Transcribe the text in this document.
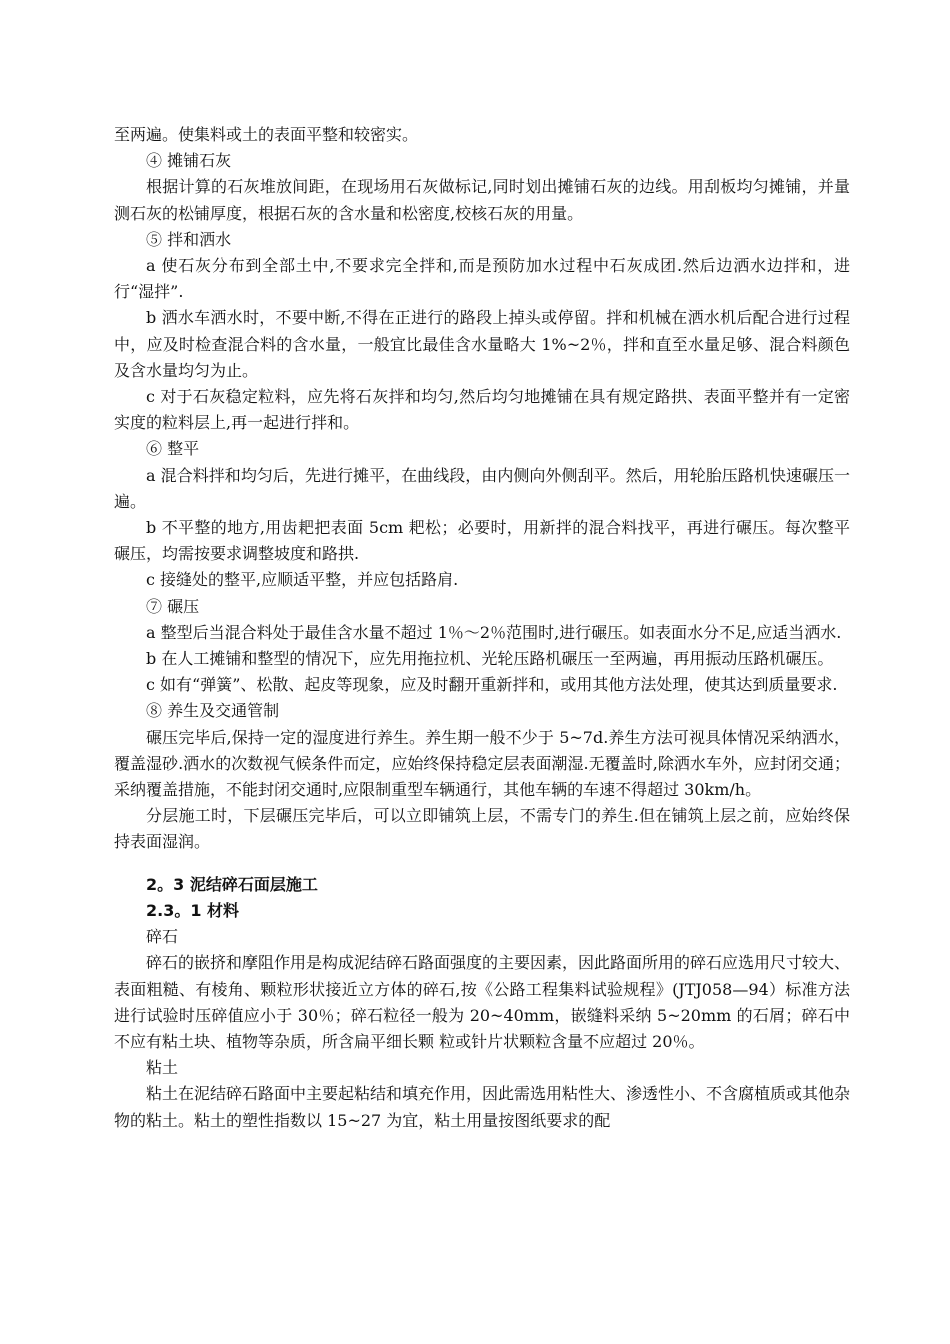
至两遍。使集料或土的表面平整和较密实。

④ 摊铺石灰

根据计算的石灰堆放间距，在现场用石灰做标记,同时划出摊铺石灰的边线。用刮板均匀摊铺，并量测石灰的松铺厚度，根据石灰的含水量和松密度,校核石灰的用量。

⑤ 拌和洒水

a 使石灰分布到全部土中,不要求完全拌和,而是预防加水过程中石灰成团.然后边洒水边拌和，进行“湿拌”.

b 洒水车洒水时，不要中断,不得在正进行的路段上掉头或停留。拌和机械在洒水机后配合进行过程中，应及时检查混合料的含水量，一般宜比最佳含水量略大 1%~2％，拌和直至水量足够、混合料颜色及含水量均匀为止。

c 对于石灰稳定粒料，应先将石灰拌和均匀,然后均匀地摊铺在具有规定路拱、表面平整并有一定密实度的粒料层上,再一起进行拌和。

⑥ 整平

a 混合料拌和均匀后，先进行摊平，在曲线段，由内侧向外侧刮平。然后，用轮胎压路机快速碾压一遍。

b 不平整的地方,用齿耙把表面 5cm 耙松；必要时，用新拌的混合料找平，再进行碾压。每次整平碾压，均需按要求调整坡度和路拱.

c 接缝处的整平,应顺适平整，并应包括路肩.

⑦ 碾压

a 整型后当混合料处于最佳含水量不超过 1％～2％范围时,进行碾压。如表面水分不足,应适当洒水.

b 在人工摊铺和整型的情况下，应先用拖拉机、光轮压路机碾压一至两遍，再用振动压路机碾压。

c 如有“弹簧”、松散、起皮等现象，应及时翻开重新拌和，或用其他方法处理，使其达到质量要求.

⑧ 养生及交通管制

碾压完毕后,保持一定的湿度进行养生。养生期一般不少于 5~7d.养生方法可视具体情况采纳洒水，覆盖湿砂.洒水的次数视气候条件而定，应始终保持稳定层表面潮湿.无覆盖时,除洒水车外，应封闭交通；采纳覆盖措施，不能封闭交通时,应限制重型车辆通行，其他车辆的车速不得超过 30km/h。

分层施工时，下层碾压完毕后，可以立即铺筑上层，不需专门的养生.但在铺筑上层之前，应始终保持表面湿润。

2。3 泥结碎石面层施工

2.3。1 材料

碎石

碎石的嵌挤和摩阻作用是构成泥结碎石路面强度的主要因素，因此路面所用的碎石应选用尺寸较大、表面粗糙、有棱角、颗粒形状接近立方体的碎石,按《公路工程集料试验规程》(JTJ058—94）标准方法进行试验时压碎值应小于 30％；碎石粒径一般为 20~40mm，嵌缝料采纳 5~20mm 的石屑；碎石中不应有粘土块、植物等杂质，所含扁平细长颗 粒或针片状颗粒含量不应超过 20％。

粘土

粘土在泥结碎石路面中主要起粘结和填充作用，因此需选用粘性大、渗透性小、不含腐植质或其他杂物的粘土。粘土的塑性指数以 15~27 为宜，粘土用量按图纸要求的配
